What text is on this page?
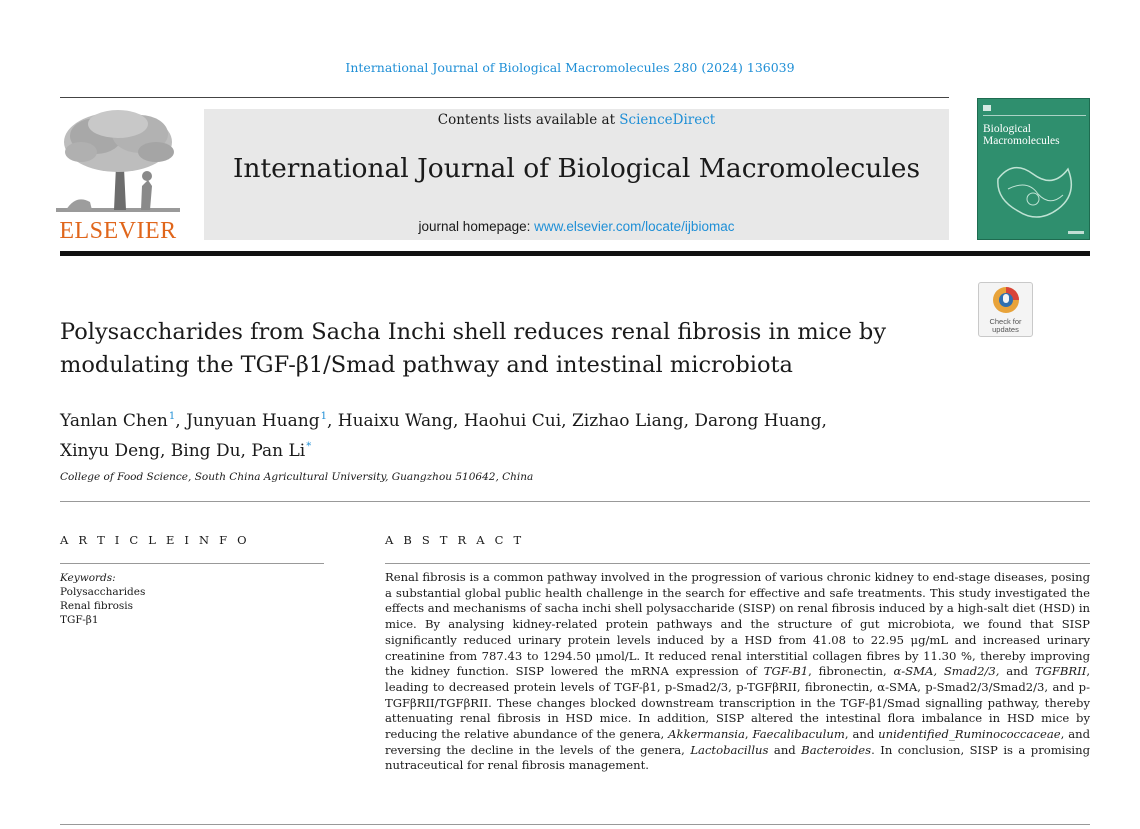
International Journal of Biological Macromolecules 280 (2024) 136039
ELSEVIER
Contents lists available at ScienceDirect
International Journal of Biological Macromolecules
journal homepage: www.elsevier.com/locate/ijbiomac
Biological
Macromolecules
Check for
updates
Polysaccharides from Sacha Inchi shell reduces renal fibrosis in mice by
modulating the TGF-β1/Smad pathway and intestinal microbiota
Yanlan Chen$^1$, Junyuan Huang$^1$, Huaixu Wang, Haohui Cui, Zizhao Liang, Darong Huang,
Xinyu Deng, Bing Du, Pan Li*
College of Food Science, South China Agricultural University, Guangzhou 510642, China
A R T I C L E I N F O
Keywords:
Polysaccharides
Renal fibrosis
TGF-β1
A B S T R A C T

Renal fibrosis is a common pathway involved in the progression of various chronic kidney to end-stage diseases, posing a substantial global public health challenge in the search for effective and safe treatments. This study investigated the effects and mechanisms of sacha inchi shell polysaccharide (SISP) on renal fibrosis induced by a high-salt diet (HSD) in mice. By analysing kidney-related protein pathways and the structure of gut microbiota, we found that SISP significantly reduced urinary protein levels induced by a HSD from 41.08 to 22.95 μg/mL and increased urinary creatinine from 787.43 to 1294.50 μmol/L. It reduced renal interstitial collagen fibres by 11.30 %, thereby improving the kidney function. SISP lowered the mRNA expression of TGF-Β1, fibronectin, α-SMA, Smad2/3, and TGFBRII, leading to decreased protein levels of TGF-β1, p-Smad2/3, p-TGFβRII, fibronectin, α-SMA, p-Smad2/3/Smad2/3, and p-TGFβRII/TGFβRII. These changes blocked downstream transcription in the TGF-β1/Smad signalling pathway, thereby attenuating renal fibrosis in HSD mice. In addition, SISP altered the intestinal flora imbalance in HSD mice by reducing the relative abundance of the genera, Akkermansia, Faecalibaculum, and unidentified_Ruminococcaceae, and reversing the decline in the levels of the genera, Lactobacillus and Bacteroides. In conclusion, SISP is a promising nutraceutical for renal fibrosis management.
